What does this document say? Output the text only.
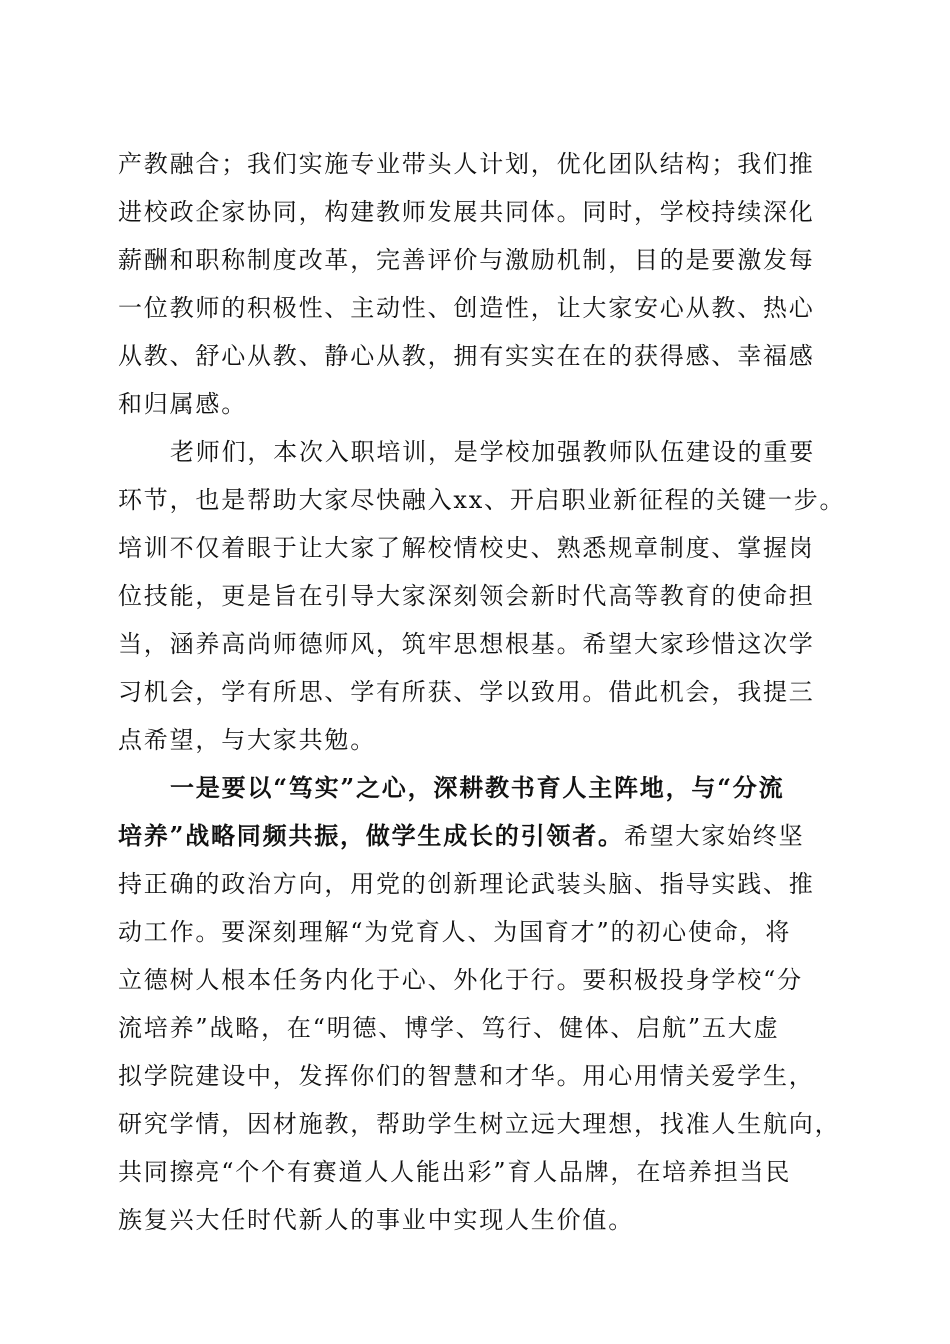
产教融合；我们实施专业带头人计划，优化团队结构；我们推
进校政企家协同，构建教师发展共同体。同时，学校持续深化
薪酬和职称制度改革，完善评价与激励机制，目的是要激发每
一位教师的积极性、主动性、创造性，让大家安心从教、热心
从教、舒心从教、静心从教，拥有实实在在的获得感、幸福感
和归属感。
老师们，本次入职培训，是学校加强教师队伍建设的重要
环节，也是帮助大家尽快融入xx、开启职业新征程的关键一步。
培训不仅着眼于让大家了解校情校史、熟悉规章制度、掌握岗
位技能，更是旨在引导大家深刻领会新时代高等教育的使命担
当，涵养高尚师德师风，筑牢思想根基。希望大家珍惜这次学
习机会，学有所思、学有所获、学以致用。借此机会，我提三
点希望，与大家共勉。
一是要以“笃实”之心，深耕教书育人主阵地，与“分流
培养”战略同频共振，做学生成长的引领者。希望大家始终坚
持正确的政治方向，用党的创新理论武装头脑、指导实践、推
动工作。要深刻理解“为党育人、为国育才”的初心使命，将
立德树人根本任务内化于心、外化于行。要积极投身学校“分
流培养”战略，在“明德、博学、笃行、健体、启航”五大虚
拟学院建设中，发挥你们的智慧和才华。用心用情关爱学生，
研究学情，因材施教，帮助学生树立远大理想，找准人生航向，
共同擦亮“个个有赛道人人能出彩”育人品牌，在培养担当民
族复兴大任时代新人的事业中实现人生价值。
